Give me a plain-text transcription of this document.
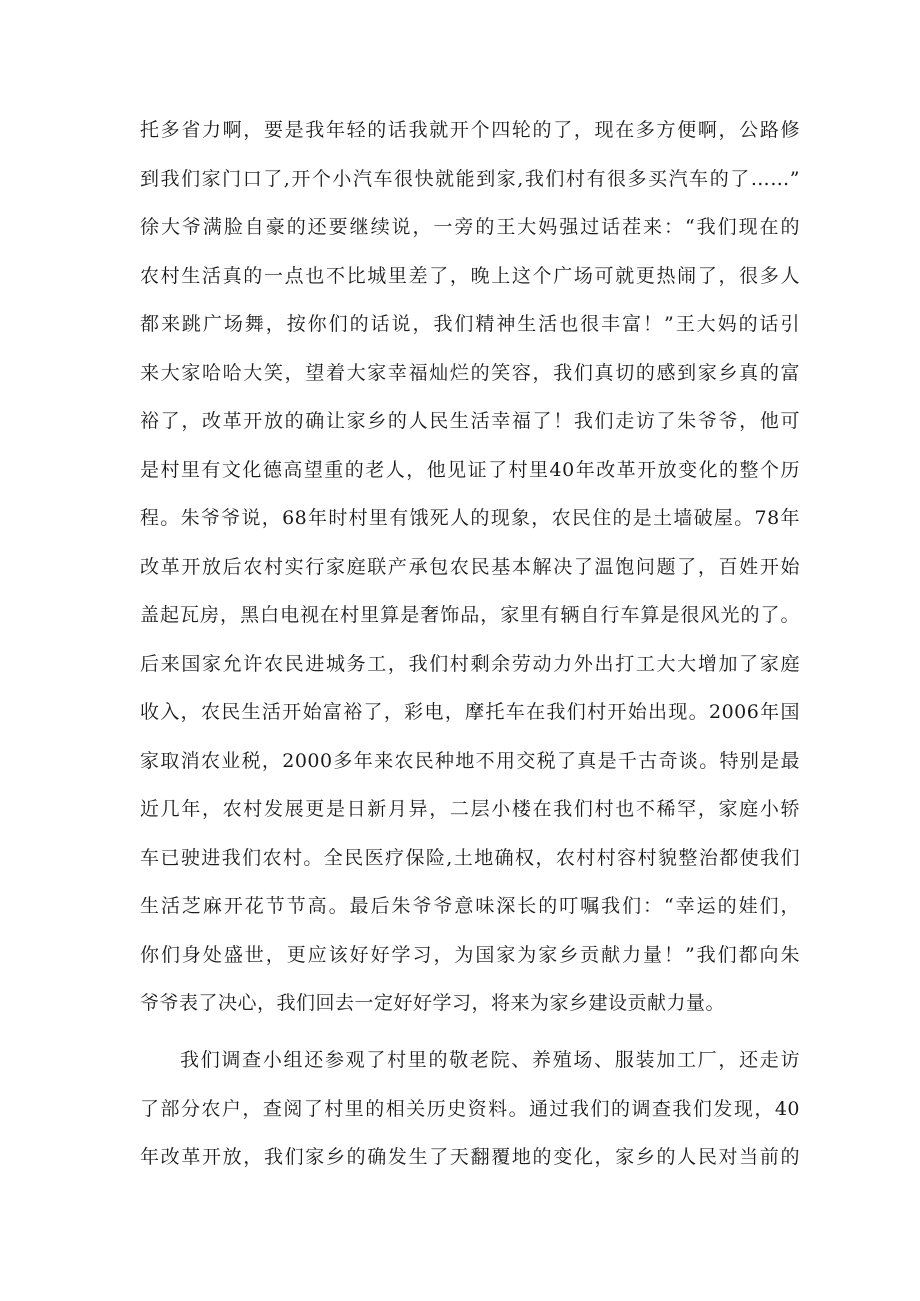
托多省力啊，要是我年轻的话我就开个四轮的了，现在多方便啊，公路修
到我们家门口了,开个小汽车很快就能到家,我们村有很多买汽车的了……”
徐大爷满脸自豪的还要继续说，一旁的王大妈强过话茬来：“我们现在的
农村生活真的一点也不比城里差了，晚上这个广场可就更热闹了，很多人
都来跳广场舞，按你们的话说，我们精神生活也很丰富！”王大妈的话引
来大家哈哈大笑，望着大家幸福灿烂的笑容，我们真切的感到家乡真的富
裕了，改革开放的确让家乡的人民生活幸福了！我们走访了朱爷爷，他可
是村里有文化德高望重的老人，他见证了村里40年改革开放变化的整个历
程。朱爷爷说，68年时村里有饿死人的现象，农民住的是土墙破屋。78年
改革开放后农村实行家庭联产承包农民基本解决了温饱问题了，百姓开始
盖起瓦房，黑白电视在村里算是奢饰品，家里有辆自行车算是很风光的了。
后来国家允许农民进城务工，我们村剩余劳动力外出打工大大增加了家庭
收入，农民生活开始富裕了，彩电，摩托车在我们村开始出现。2006年国
家取消农业税，2000多年来农民种地不用交税了真是千古奇谈。特别是最
近几年，农村发展更是日新月异，二层小楼在我们村也不稀罕，家庭小轿
车已驶进我们农村。全民医疗保险,土地确权，农村村容村貌整治都使我们
生活芝麻开花节节高。最后朱爷爷意味深长的叮嘱我们：“幸运的娃们，
你们身处盛世，更应该好好学习，为国家为家乡贡献力量！”我们都向朱
爷爷表了决心，我们回去一定好好学习，将来为家乡建设贡献力量。
我们调查小组还参观了村里的敬老院、养殖场、服装加工厂，还走访
了部分农户，查阅了村里的相关历史资料。通过我们的调查我们发现，40
年改革开放，我们家乡的确发生了天翻覆地的变化，家乡的人民对当前的
